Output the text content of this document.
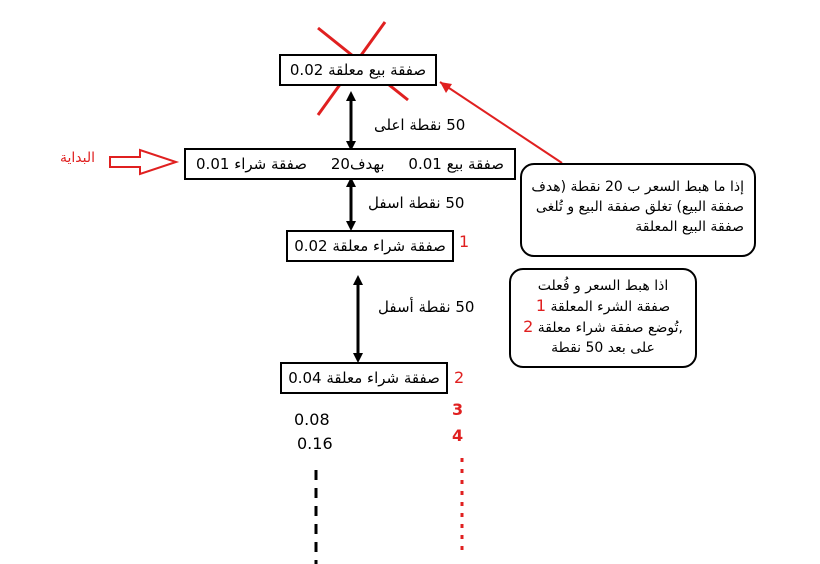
صفقة بيع معلقة 0.02
50 نقطة اعلى
صفقة بيع 0.01
بهدف20
صفقة شراء 0.01
البداية
50 نقطة اسفل
صفقة شراء معلقة 0.02 1
50 نقطة أسفل
صفقة شراء معلقة 0.04 2
0.08
0.16
3
4
إذا ما هبط السعر ب 20 نقطة (هدف
صفقة البيع) تغلق صفقة البيع و تُلغى
صفقة البيع المعلقة
اذا هبط السعر و فُعلت
صفقة الشرء المعلقة 1
,تُوضع صفقة شراء معلقة 2
على بعد 50 نقطة
